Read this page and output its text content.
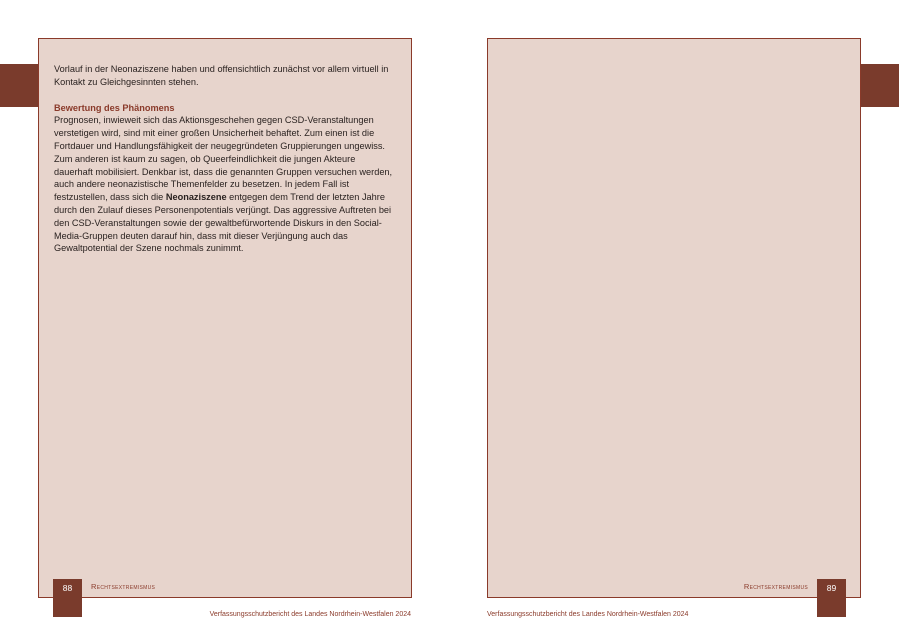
Vorlauf in der Neonaziszene haben und offensichtlich zunächst vor allem virtuell in Kontakt zu Gleichgesinnten stehen.

Bewertung des Phänomens

Prognosen, inwieweit sich das Aktionsgeschehen gegen CSD-Veranstaltungen verstetigen wird, sind mit einer großen Unsicherheit behaftet. Zum einen ist die Fortdauer und Handlungsfähigkeit der neugegründeten Gruppierungen ungewiss. Zum anderen ist kaum zu sagen, ob Queerfeindlichkeit die jungen Akteure dauerhaft mobilisiert. Denkbar ist, dass die genannten Gruppen versuchen werden, auch andere neonazistische Themenfelder zu besetzen. In jedem Fall ist festzustellen, dass sich die Neonaziszene entgegen dem Trend der letzten Jahre durch den Zulauf dieses Personenpotentials verjüngt. Das aggressive Auftreten bei den CSD-Veranstaltungen sowie der gewaltbefürwortende Diskurs in den Social-Media-Gruppen deuten darauf hin, dass mit dieser Verjüngung auch das Gewaltpotential der Szene nochmals zunimmt.

88	Rechtsextremismus	89
Rechtsextremismus
Verfassungsschutzbericht des Landes Nordrhein-Westfalen 2024	Verfassungsschutzbericht des Landes Nordrhein-Westfalen 2024
